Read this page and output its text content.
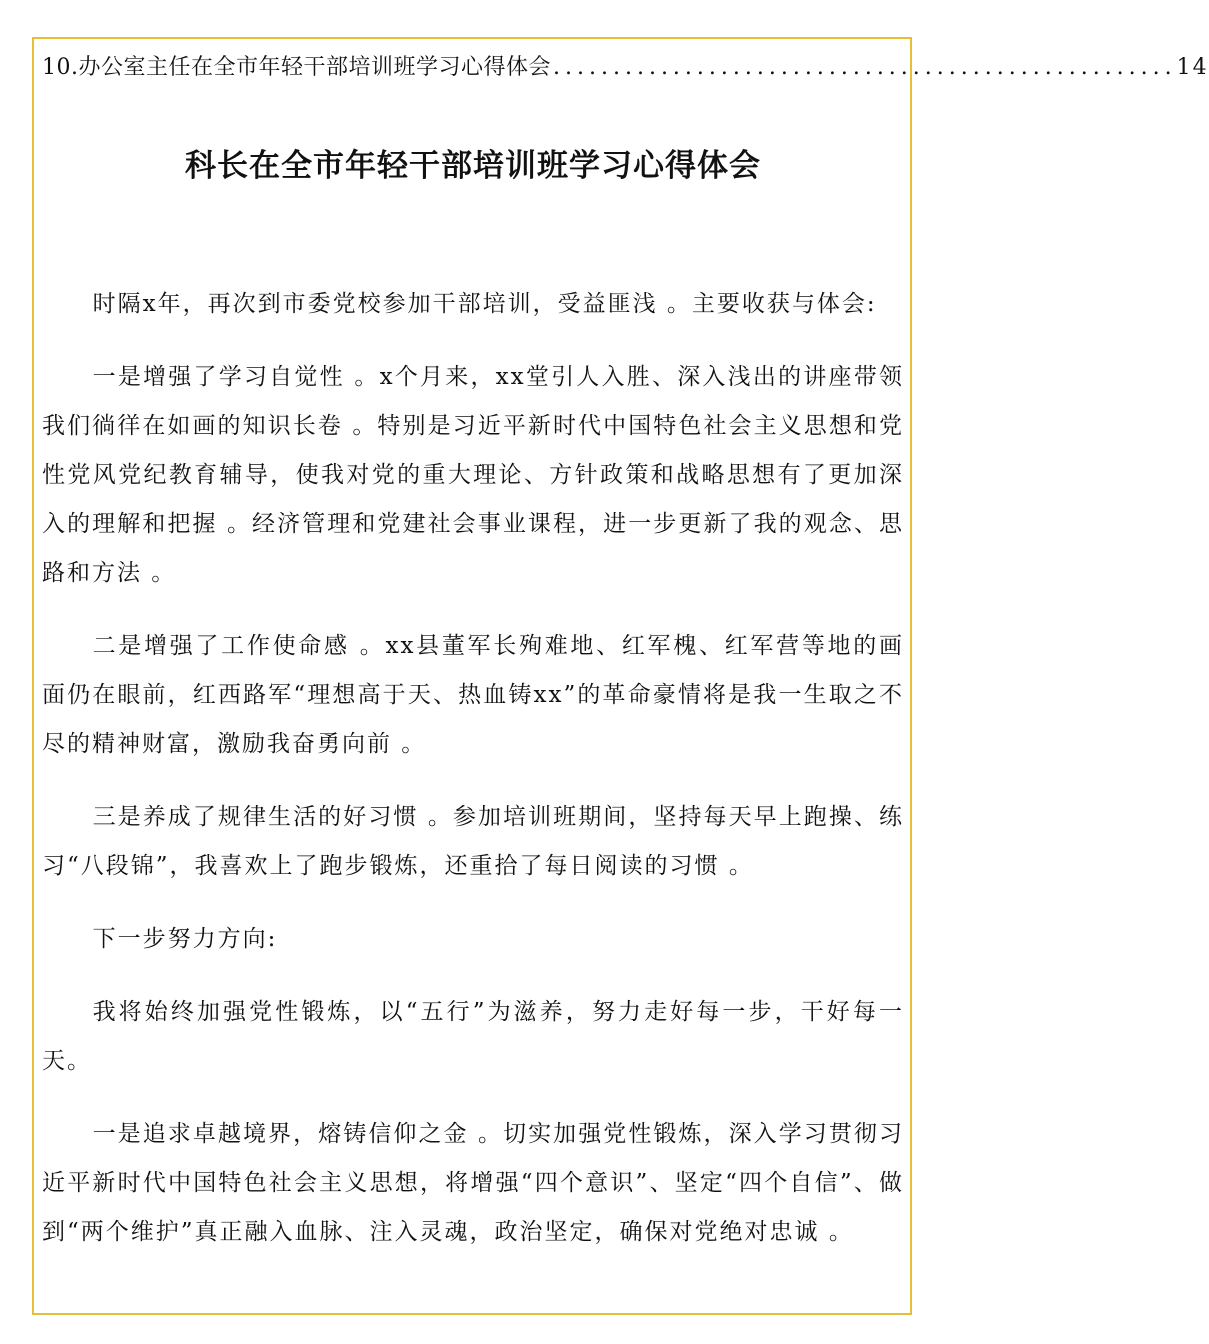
10.办公室主任在全市年轻干部培训班学习心得体会 .................................................... 14
科长在全市年轻干部培训班学习心得体会

时隔x年，再次到市委党校参加干部培训，受益匪浅 。主要收获与体会:

一是增强了学习自觉性 。x个月来，xx堂引人入胜、深入浅出的讲座带领我们徜徉在如画的知识长卷 。特别是习近平新时代中国特色社会主义思想和党性党风党纪教育辅导，使我对党的重大理论、方针政策和战略思想有了更加深入的理解和把握 。经济管理和党建社会事业课程，进一步更新了我的观念、思路和方法 。

二是增强了工作使命感 。xx县董军长殉难地、红军槐、红军营等地的画面仍在眼前，红西路军“理想高于天、热血铸xx”的革命豪情将是我一生取之不尽的精神财富，激励我奋勇向前 。

三是养成了规律生活的好习惯 。参加培训班期间，坚持每天早上跑操、练习“八段锦”，我喜欢上了跑步锻炼，还重拾了每日阅读的习惯 。

下一步努力方向:

我将始终加强党性锻炼，以“五行”为滋养，努力走好每一步，干好每一天。

一是追求卓越境界，熔铸信仰之金 。切实加强党性锻炼，深入学习贯彻习近平新时代中国特色社会主义思想，将增强“四个意识”、坚定“四个自信”、做到“两个维护”真正融入血脉、注入灵魂，政治坚定，确保对党绝对忠诚 。
